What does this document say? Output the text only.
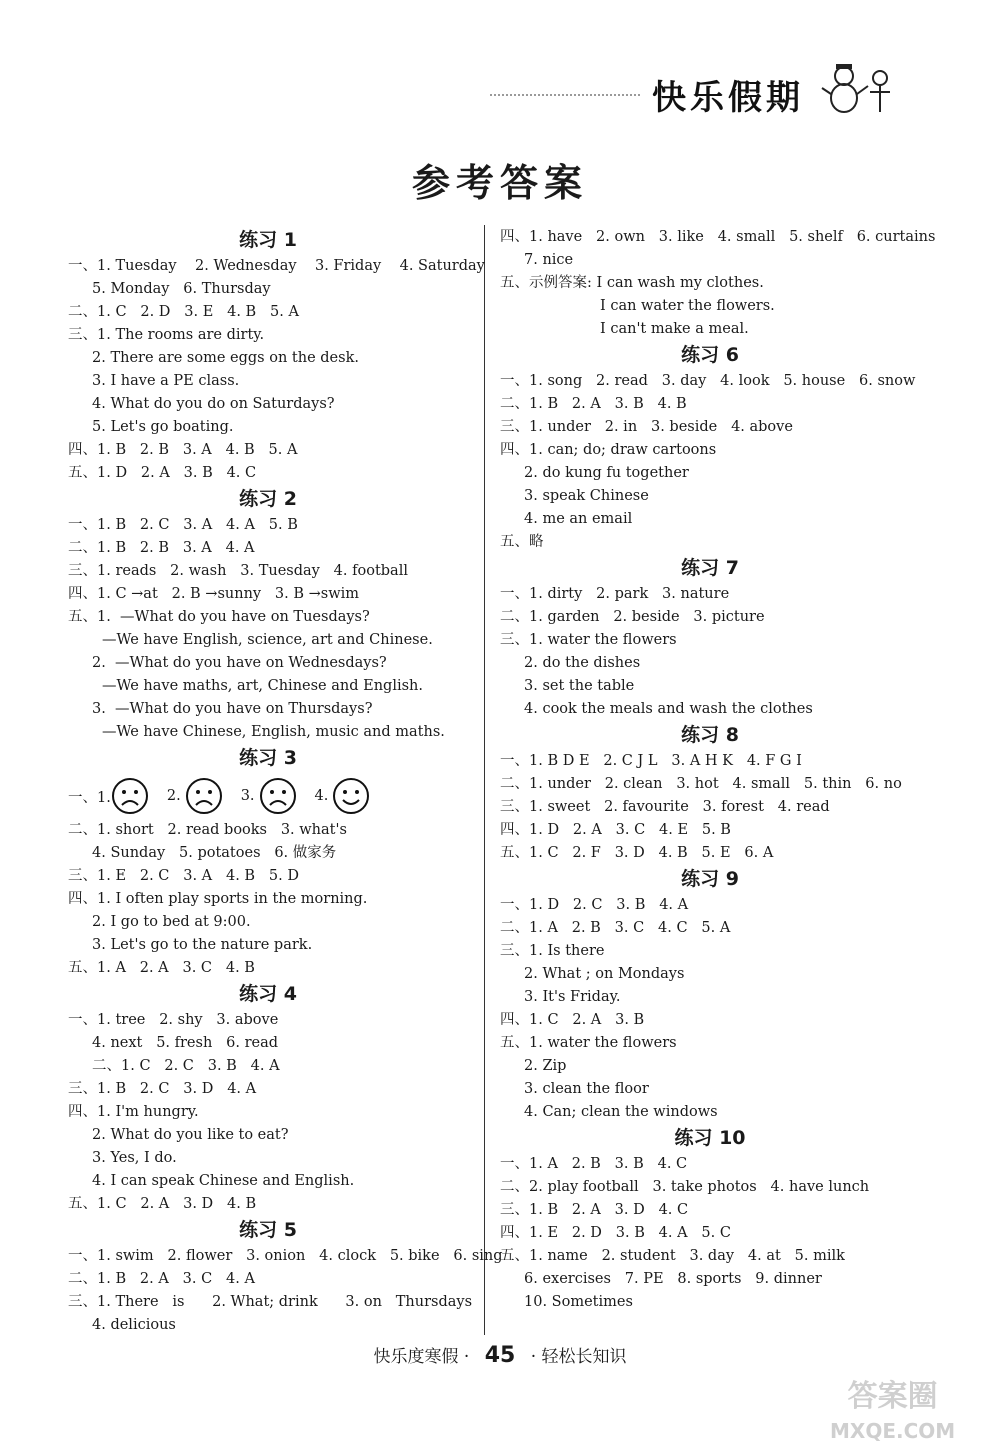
快乐假期
参考答案
练习 1
一、1. Tuesday    2. Wednesday    3. Friday    4. Saturday
5. Monday   6. Thursday
二、1. C   2. D   3. E   4. B   5. A
三、1. The rooms are dirty.
2. There are some eggs on the desk.
3. I have a PE class.
4. What do you do on Saturdays?
5. Let's go boating.
四、1. B   2. B   3. A   4. B   5. A
五、1. D   2. A   3. B   4. C
练习 2
一、1. B   2. C   3. A   4. A   5. B
二、1. B   2. B   3. A   4. A
三、1. reads   2. wash   3. Tuesday   4. football
四、1. C →at   2. B →sunny   3. B →swim
五、1.  —What do you have on Tuesdays?
—We have English, science, art and Chinese.
2.  —What do you have on Wednesdays?
—We have maths, art, Chinese and English.
3.  —What do you have on Thursdays?
—We have Chinese, English, music and maths.
练习 3
一、1.	2.	3.	4.
二、1. short   2. read books   3. what's
4. Sunday   5. potatoes   6. 做家务
三、1. E   2. C   3. A   4. B   5. D
四、1. I often play sports in the morning.
2. I go to bed at 9:00.
3. Let's go to the nature park.
五、1. A   2. A   3. C   4. B
练习 4
一、1. tree   2. shy   3. above
4. next   5. fresh   6. read
二、1. C   2. C   3. B   4. A
三、1. B   2. C   3. D   4. A
四、1. I'm hungry.
2. What do you like to eat?
3. Yes, I do.
4. I can speak Chinese and English.
五、1. C   2. A   3. D   4. B
练习 5
一、1. swim   2. flower   3. onion   4. clock   5. bike   6. sing
二、1. B   2. A   3. C   4. A
三、1. There   is      2. What; drink      3. on   Thursdays
4. delicious
四、1. have   2. own   3. like   4. small   5. shelf   6. curtains
7. nice
五、示例答案: I can wash my clothes.
I can water the flowers.
I can't make a meal.
练习 6
一、1. song   2. read   3. day   4. look   5. house   6. snow
二、1. B   2. A   3. B   4. B
三、1. under   2. in   3. beside   4. above
四、1. can; do; draw cartoons
2. do kung fu together
3. speak Chinese
4. me an email
五、略
练习 7
一、1. dirty   2. park   3. nature
二、1. garden   2. beside   3. picture
三、1. water the flowers
2. do the dishes
3. set the table
4. cook the meals and wash the clothes
练习 8
一、1. B D E   2. C J L   3. A H K   4. F G I
二、1. under   2. clean   3. hot   4. small   5. thin   6. no
三、1. sweet   2. favourite   3. forest   4. read
四、1. D   2. A   3. C   4. E   5. B
五、1. C   2. F   3. D   4. B   5. E   6. A
练习 9
一、1. D   2. C   3. B   4. A
二、1. A   2. B   3. C   4. C   5. A
三、1. Is there
2. What ; on Mondays
3. It's Friday.
四、1. C   2. A   3. B
五、1. water the flowers
2. Zip
3. clean the floor
4. Can; clean the windows
练习 10
一、1. A   2. B   3. B   4. C
二、2. play football   3. take photos   4. have lunch
三、1. B   2. A   3. D   4. C
四、1. E   2. D   3. B   4. A   5. C
五、1. name   2. student   3. day   4. at   5. milk
6. exercises   7. PE   8. sports   9. dinner
10. Sometimes
快乐度寒假 · 45 · 轻松长知识
答案圈
MXQE.COM
